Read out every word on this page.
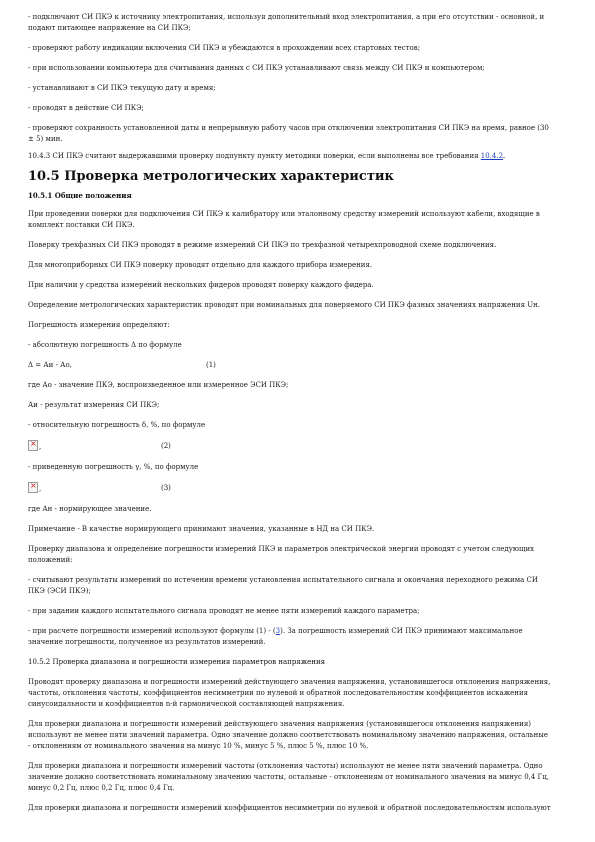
- подключают СИ ПКЭ к источнику электропитания, используя дополнительный вход электропитания, а при его отсутствии - основной, и

подают питающее напряжение на СИ ПКЭ;

- проверяют работу индикации включения СИ ПКЭ и убеждаются в прохождении всех стартовых тестов;

- при использовании компьютера для считывания данных с СИ ПКЭ устанавливают связь между СИ ПКЭ и компьютером;

- устанавливают в СИ ПКЭ текущую дату и время;

- проводят в действие СИ ПКЭ;

- проверяют сохранность установленной даты и непрерывную работу часов при отключении электропитания СИ ПКЭ на время, равное (30

± 5) мин.

10.4.3 СИ ПКЭ считают выдержавшими проверку подпункту пункту методики поверки, если выполнены все требования 10.4.2.

10.5 Проверка метрологических характеристик

10.5.1 Общие положения

При проведении поверки для подключения СИ ПКЭ к калибратору или эталонному средству измерений используют кабели, входящие в

комплект поставки СИ ПКЭ.

Поверку трехфазных СИ ПКЭ проводят в режиме измерений СИ ПКЭ по трехфазной четырехпроводной схеме подключения.

Для многоприборных СИ ПКЭ поверку проводят отдельно для каждого прибора измерения.

При наличии у средства измерений нескольких фидеров проводят поверку каждого фидера.

Определение метрологических характеристик проводят при номинальных для поверяемого СИ ПКЭ фазных значениях напряжения Uн.

Погрешность измерения определяют:

- абсолютную погрешность Δ по формуле

Δ = Аи - Ао,	(1)

где Ао - значение ПКЭ, воспроизведенное или измеренное ЭСИ ПКЭ;

Аи - результат измерения СИ ПКЭ;

- относительную погрешность δ, %, по формуле

×
,	(2)

- приведенную погрешность γ, %, по формуле

×
,	(3)

где Ан - нормирующее значение.

Примечание - В качестве нормирующего принимают значения, указанные в НД на СИ ПКЭ.

Проверку диапазона и определение погрешности измерений ПКЭ и параметров электрической энергии проводят с учетом следующих

положений:

- считывают результаты измерений по истечении времени установления испытательного сигнала и окончания переходного режима СИ

ПКЭ (ЭСИ ПКЭ);

- при задании каждого испытательного сигнала проводят не менее пяти измерений каждого параметра;

- при расчете погрешности измерений используют формулы (1) - (3). За погрешность измерений СИ ПКЭ принимают максимальное

значение погрешности, полученное из результатов измерений.

10.5.2 Проверка диапазона и погрешности измерения параметров напряжения

Проводят проверку диапазона и погрешности измерений действующего значения напряжения, установившегося отклонения напряжения,

частоты, отклонения частоты, коэффициентов несимметрии по нулевой и обратной последовательностям коэффициентов искажения

синусоидальности и коэффициентов n-й гармонической составляющей напряжения.

Для проверки диапазона и погрешности измерений действующего значения напряжения (установившегося отклонения напряжения)

используют не менее пяти значений параметра. Одно значение должно соответствовать номинальному значению напряжения, остальные

- отклонениям от номинального значения на минус 10 %, минус 5 %, плюс 5 %, плюс 10 %.

Для проверки диапазона и погрешности измерений частоты (отклонения частоты) используют не менее пяти значений параметра. Одно

значение должно соответствовать номинальному значению частоты, остальные - отклонениям от номинального значения на минус 0,4 Гц,

минус 0,2 Гц, плюс 0,2 Гц, плюс 0,4 Гц.

Для проверки диапазона и погрешности измерений коэффициентов несимметрии по нулевой и обратной последовательностям используют
